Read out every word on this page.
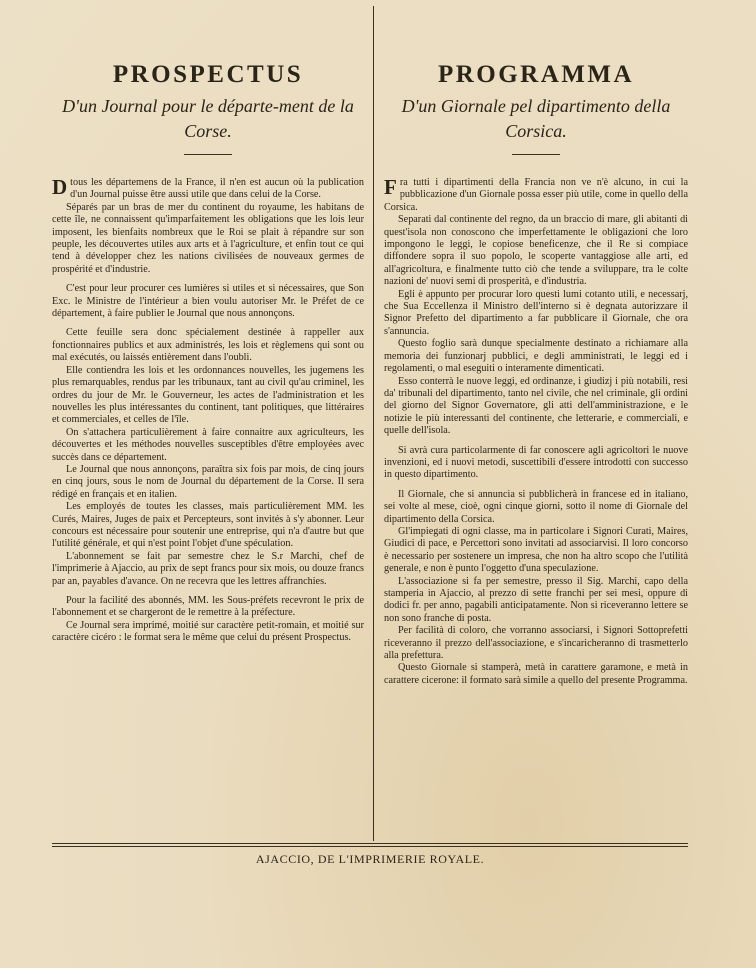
PROSPECTUS
D'un Journal pour le départe-ment de la Corse.

Dtous les départemens de la France, il n'en est aucun où la publication d'un Journal puisse être aussi utile que dans celui de la Corse.

Séparés par un bras de mer du continent du royaume, les habitans de cette île, ne connaissent qu'imparfaitement les obligations que les lois leur imposent, les bienfaits nombreux que le Roi se plait à répandre sur son peuple, les découvertes utiles aux arts et à l'agriculture, et enfin tout ce qui tend à développer chez les nations civilisées de nouveaux germes de prospérité et d'industrie.

C'est pour leur procurer ces lumières si utiles et si nécessaires, que Son Exc. le Ministre de l'intérieur a bien voulu autoriser Mr. le Préfet de ce département, à faire publier le Journal que nous annonçons.

Cette feuille sera donc spécialement destinée à rappeller aux fonctionnaires publics et aux administrés, les lois et règlemens qui sont ou mal exécutés, ou laissés entièrement dans l'oubli.

Elle contiendra les lois et les ordonnances nouvelles, les jugemens les plus remarquables, rendus par les tribunaux, tant au civil qu'au criminel, les ordres du jour de Mr. le Gouverneur, les actes de l'administration et les nouvelles les plus intéressantes du continent, tant politiques, que littéraires et commerciales, et celles de l'île.

On s'attachera particulièrement à faire connaitre aux agriculteurs, les découvertes et les méthodes nouvelles susceptibles d'être employées avec succès dans ce département.

Le Journal que nous annonçons, paraîtra six fois par mois, de cinq jours en cinq jours, sous le nom de Journal du département de la Corse. Il sera rédigé en français et en italien.

Les employés de toutes les classes, mais particulièrement MM. les Curés, Maires, Juges de paix et Percepteurs, sont invités à s'y abonner. Leur concours est nécessaire pour soutenir une entreprise, qui n'a d'autre but que l'utilité générale, et qui n'est point l'objet d'une spéculation.

L'abonnement se fait par semestre chez le S.r Marchi, chef de l'imprimerie à Ajaccio, au prix de sept francs pour six mois, ou douze francs par an, payables d'avance. On ne recevra que les lettres affranchies.

Pour la facilité des abonnés, MM. les Sous-préfets recevront le prix de l'abonnement et se chargeront de le remettre à la préfecture.

Ce Journal sera imprimé, moitié sur caractère petit-romain, et moitié sur caractère cicéro : le format sera le même que celui du présent Prospectus.

PROGRAMMA
D'un Giornale pel dipartimento della Corsica.

Fra tutti i dipartimenti della Francia non ve n'è alcuno, in cui la pubblicazione d'un Giornale possa esser più utile, come in quello della Corsica.

Separati dal continente del regno, da un braccio di mare, gli abitanti di quest'isola non conoscono che imperfettamente le obligazioni che loro impongono le leggi, le copiose beneficenze, che il Re si compiace diffondere sopra il suo popolo, le scoperte vantaggiose alle arti, ed all'agricoltura, e finalmente tutto ciò che tende a sviluppare, tra le colte nazioni de' nuovi semi di prosperità, e d'industria.

Egli è appunto per procurar loro questi lumi cotanto utili, e necessarj, che Sua Eccellenza il Ministro dell'interno si è degnata autorizzare il Signor Prefetto del dipartimento a far pubblicare il Giornale, che ora s'annuncia.

Questo foglio sarà dunque specialmente destinato a richiamare alla memoria dei funzionarj pubblici, e degli amministrati, le leggi ed i regolamenti, o mal eseguiti o interamente dimenticati.

Esso conterrà le nuove leggi, ed ordinanze, i giudizj i più notabili, resi da' tribunali del dipartimento, tanto nel civile, che nel criminale, gli ordini del giorno del Signor Governatore, gli atti dell'amministrazione, e le notizie le più interessanti del continente, che letterarie, e commerciali, e quelle dell'isola.

Si avrà cura particolarmente di far conoscere agli agricoltori le nuove invenzioni, ed i nuovi metodi, suscettibili d'essere introdotti con successo in questo dipartimento.

Il Giornale, che si annuncia si pubblicherà in francese ed in italiano, sei volte al mese, cioè, ogni cinque giorni, sotto il nome di Giornale del dipartimento della Corsica.

Gl'impiegati di ogni classe, ma in particolare i Signori Curati, Maires, Giudici di pace, e Percettori sono invitati ad associarvisi. Il loro concorso è necessario per sostenere un impresa, che non ha altro scopo che l'utilità generale, e non è punto l'oggetto d'una speculazione.

L'associazione si fa per semestre, presso il Sig. Marchi, capo della stamperia in Ajaccio, al prezzo di sette franchi per sei mesi, oppure di dodici fr. per anno, pagabili anticipatamente. Non si riceveranno lettere se non sono franche di posta.

Per facilità di coloro, che vorranno associarsi, i Signori Sottoprefetti riceveranno il prezzo dell'associazione, e s'incaricheranno di trasmetterlo alla prefettura.

Questo Giornale si stamperà, metà in carattere garamone, e metà in carattere cicerone: il formato sarà simile a quello del presente Programma.

AJACCIO, DE L'IMPRIMERIE ROYALE.
